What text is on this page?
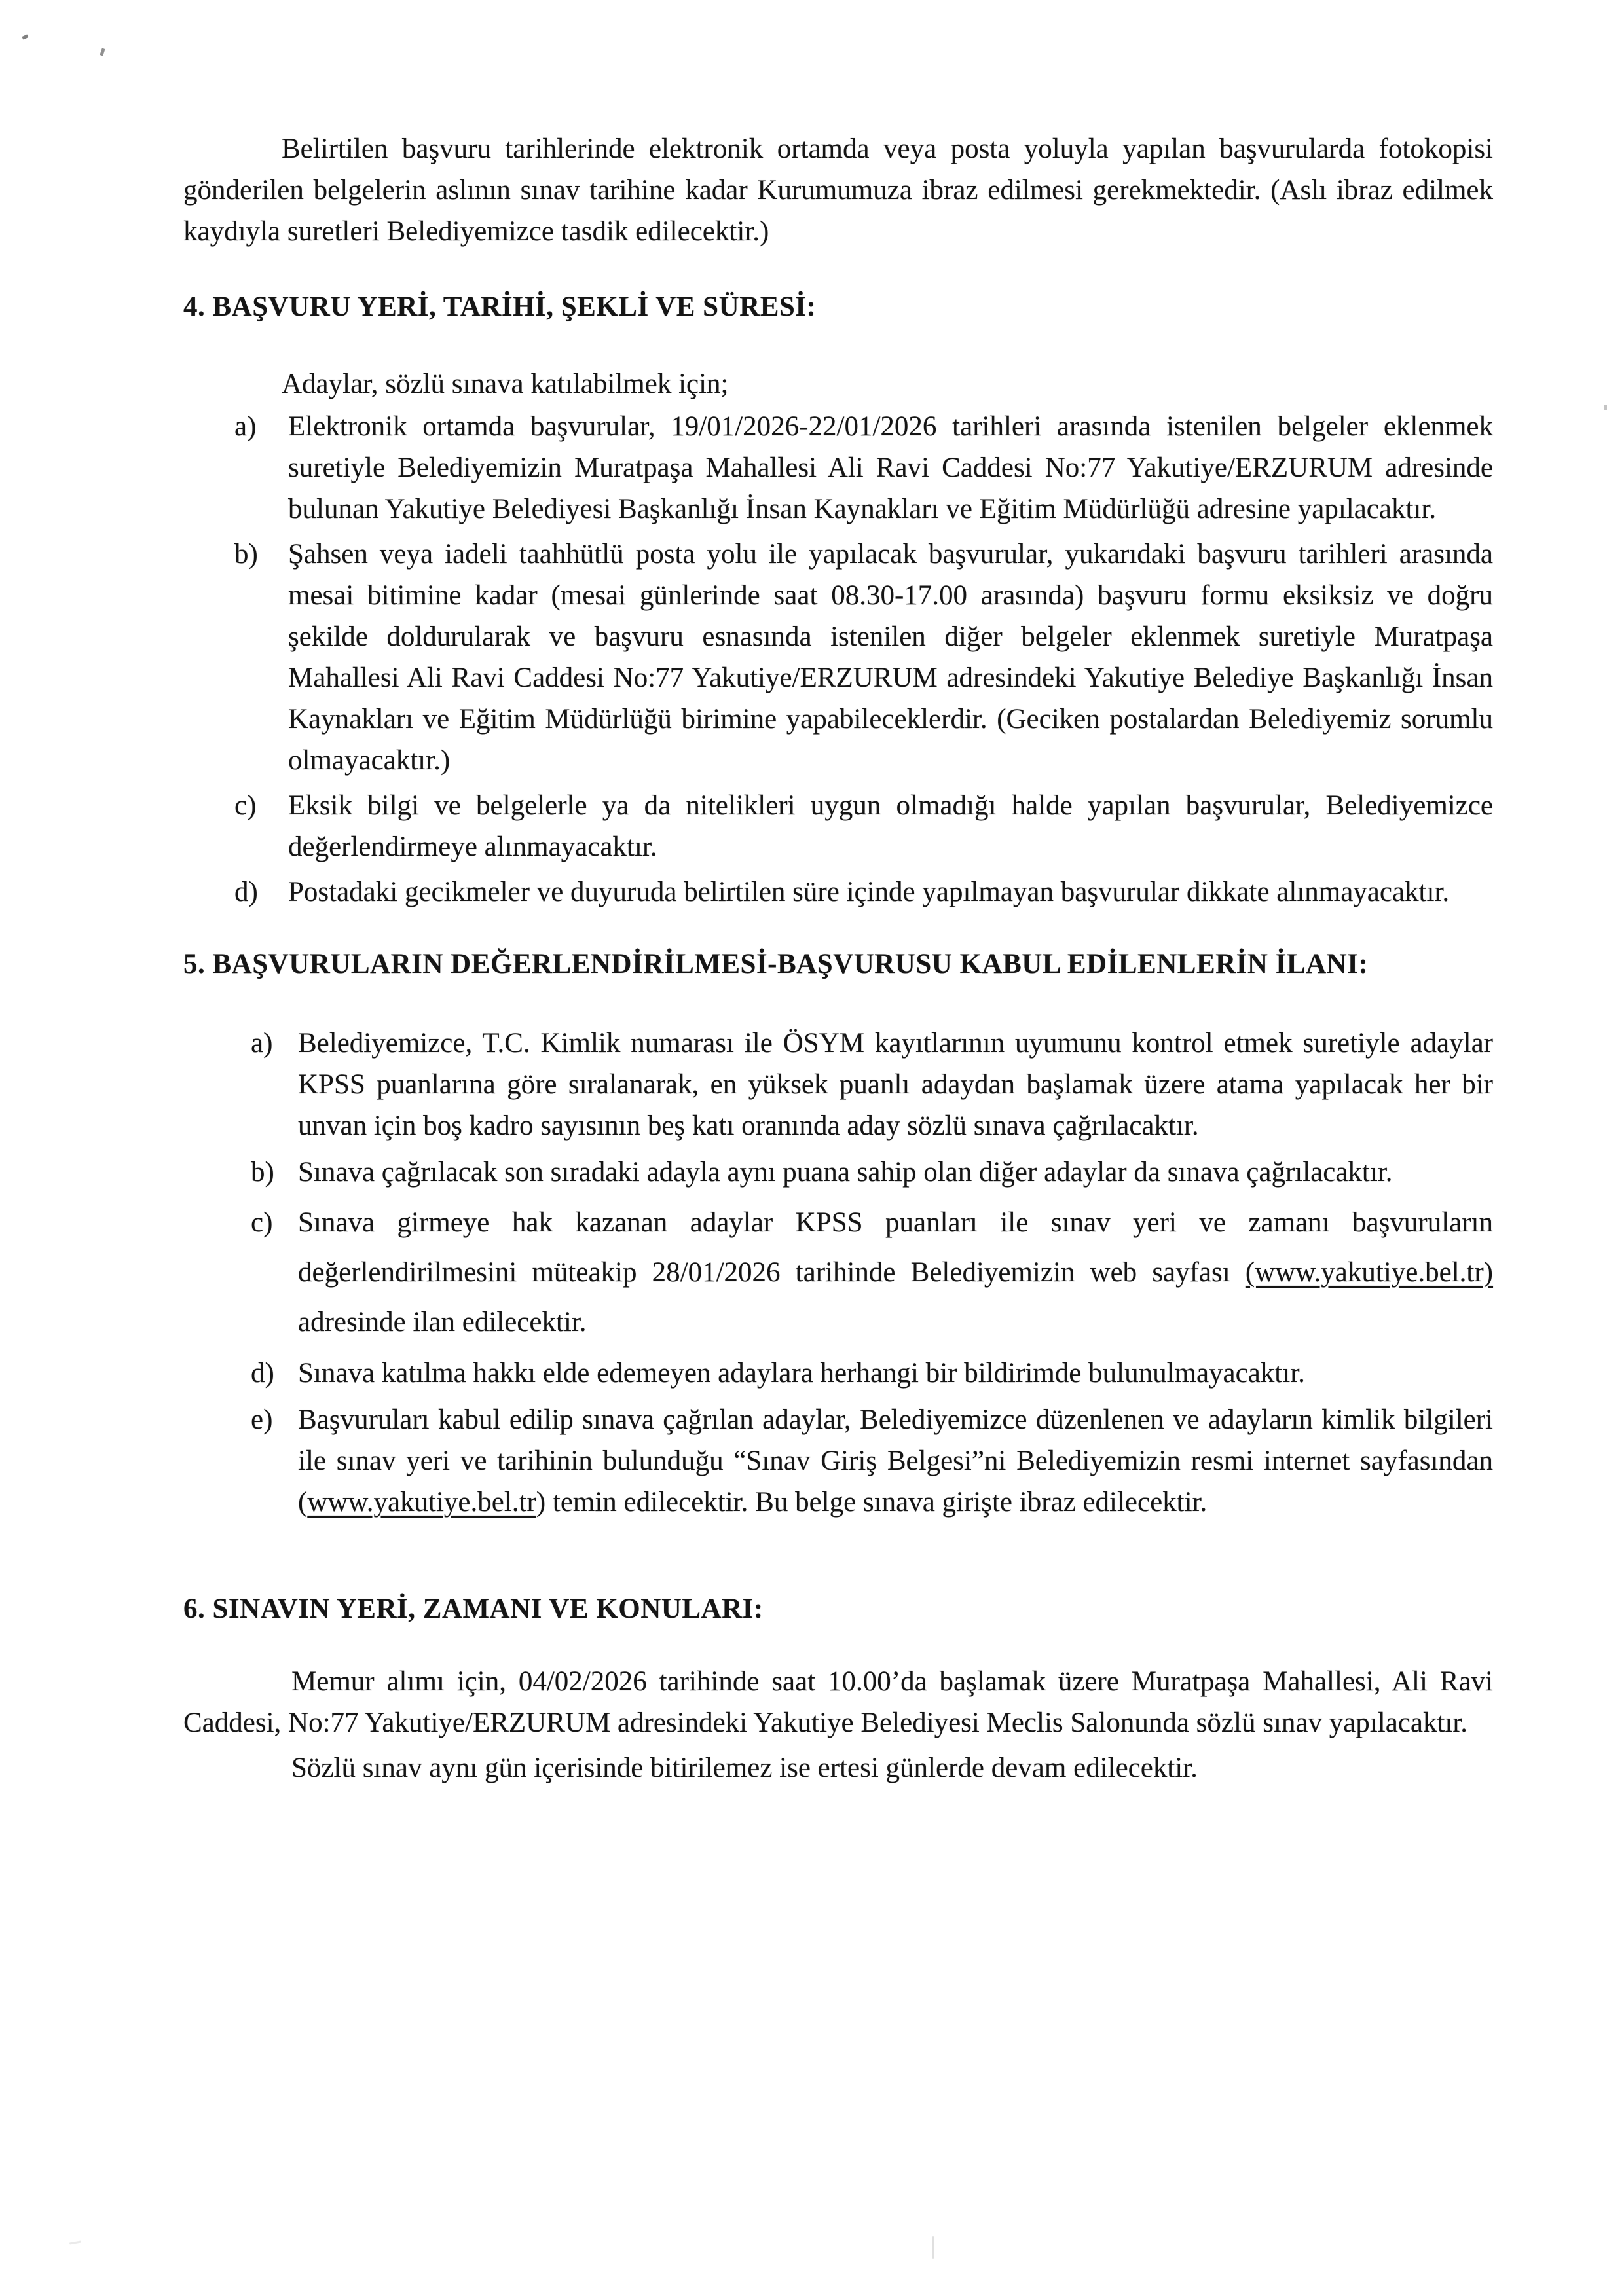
Belirtilen başvuru tarihlerinde elektronik ortamda veya posta yoluyla yapılan başvurularda fotokopisi gönderilen belgelerin aslının sınav tarihine kadar Kurumumuza ibraz edilmesi gerekmektedir. (Aslı ibraz edilmek kaydıyla suretleri Belediyemizce tasdik edilecektir.)

4. BAŞVURU YERİ, TARİHİ, ŞEKLİ VE SÜRESİ:

Adaylar, sözlü sınava katılabilmek için;

a) Elektronik ortamda başvurular, 19/01/2026-22/01/2026 tarihleri arasında istenilen belgeler eklenmek suretiyle Belediyemizin Muratpaşa Mahallesi Ali Ravi Caddesi No:77 Yakutiye/ERZURUM adresinde bulunan Yakutiye Belediyesi Başkanlığı İnsan Kaynakları ve Eğitim Müdürlüğü adresine yapılacaktır.
b) Şahsen veya iadeli taahhütlü posta yolu ile yapılacak başvurular, yukarıdaki başvuru tarihleri arasında mesai bitimine kadar (mesai günlerinde saat 08.30-17.00 arasında) başvuru formu eksiksiz ve doğru şekilde doldurularak ve başvuru esnasında istenilen diğer belgeler eklenmek suretiyle Muratpaşa Mahallesi Ali Ravi Caddesi No:77 Yakutiye/ERZURUM adresindeki Yakutiye Belediye Başkanlığı İnsan Kaynakları ve Eğitim Müdürlüğü birimine yapabileceklerdir. (Geciken postalardan Belediyemiz sorumlu olmayacaktır.)
c) Eksik bilgi ve belgelerle ya da nitelikleri uygun olmadığı halde yapılan başvurular, Belediyemizce değerlendirmeye alınmayacaktır.
d) Postadaki gecikmeler ve duyuruda belirtilen süre içinde yapılmayan başvurular dikkate alınmayacaktır.

5. BAŞVURULARIN DEĞERLENDİRİLMESİ-BAŞVURUSU KABUL EDİLENLERİN İLANI:

a) Belediyemizce, T.C. Kimlik numarası ile ÖSYM kayıtlarının uyumunu kontrol etmek suretiyle adaylar KPSS puanlarına göre sıralanarak, en yüksek puanlı adaydan başlamak üzere atama yapılacak her bir unvan için boş kadro sayısının beş katı oranında aday sözlü sınava çağrılacaktır.
b) Sınava çağrılacak son sıradaki adayla aynı puana sahip olan diğer adaylar da sınava çağrılacaktır.
c) Sınava girmeye hak kazanan adaylar KPSS puanları ile sınav yeri ve zamanı başvuruların değerlendirilmesini müteakip 28/01/2026 tarihinde Belediyemizin web sayfası (www.yakutiye.bel.tr) adresinde ilan edilecektir.
d) Sınava katılma hakkı elde edemeyen adaylara herhangi bir bildirimde bulunulmayacaktır.
e) Başvuruları kabul edilip sınava çağrılan adaylar, Belediyemizce düzenlenen ve adayların kimlik bilgileri ile sınav yeri ve tarihinin bulunduğu “Sınav Giriş Belgesi”ni Belediyemizin resmi internet sayfasından (www.yakutiye.bel.tr) temin edilecektir. Bu belge sınava girişte ibraz edilecektir.

6. SINAVIN YERİ, ZAMANI VE KONULARI:

Memur alımı için, 04/02/2026 tarihinde saat 10.00’da başlamak üzere Muratpaşa Mahallesi, Ali Ravi Caddesi, No:77 Yakutiye/ERZURUM adresindeki Yakutiye Belediyesi Meclis Salonunda sözlü sınav yapılacaktır.

Sözlü sınav aynı gün içerisinde bitirilemez ise ertesi günlerde devam edilecektir.
